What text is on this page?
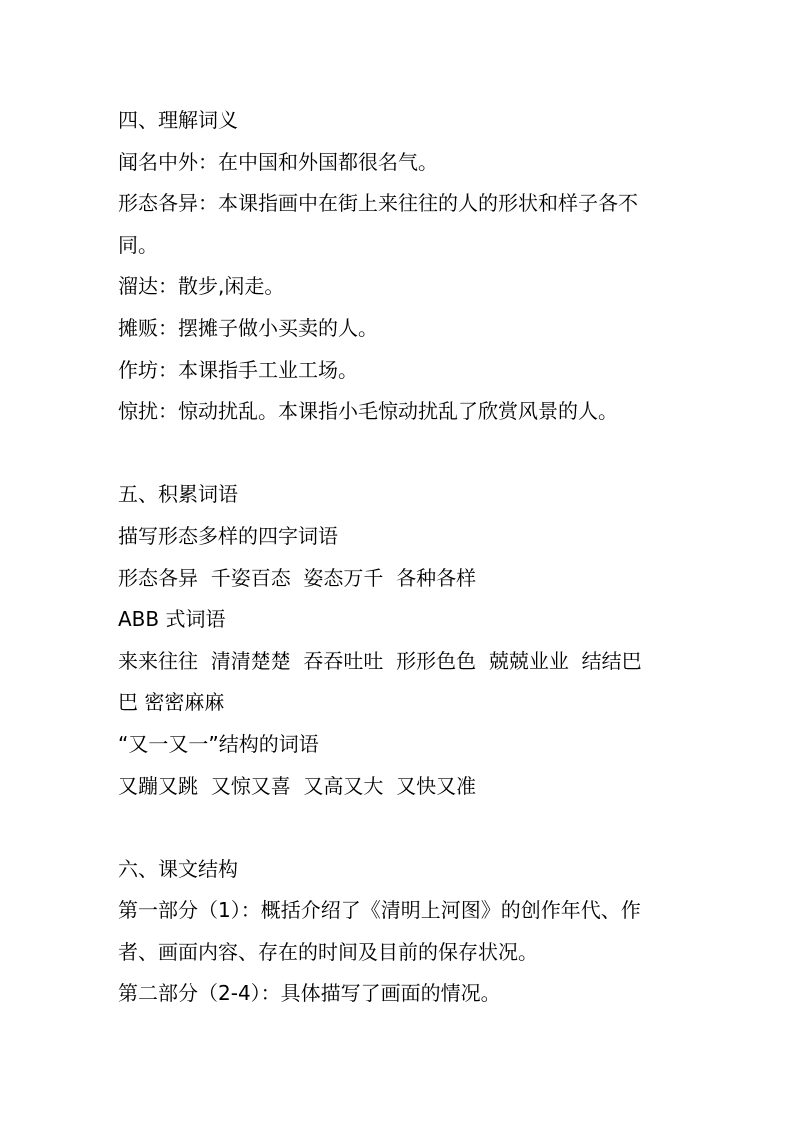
四、理解词义
闻名中外：在中国和外国都很名气。
形态各异：本课指画中在街上来往往的人的形状和样子各不
同。
溜达：散步,闲走。
摊贩：摆摊子做小买卖的人。
作坊：本课指手工业工场。
惊扰：惊动扰乱。本课指小毛惊动扰乱了欣赏风景的人。
五、积累词语
描写形态多样的四字词语
形态各异  千姿百态  姿态万千  各种各样
ABB 式词语
来来往往  清清楚楚  吞吞吐吐  形形色色  兢兢业业  结结巴
巴 密密麻麻
“又一又一”结构的词语
又蹦又跳  又惊又喜  又高又大  又快又准
六、课文结构
第一部分（1）：概括介绍了《清明上河图》的创作年代、作
者、画面内容、存在的时间及目前的保存状况。
第二部分（2-4）：具体描写了画面的情况。
